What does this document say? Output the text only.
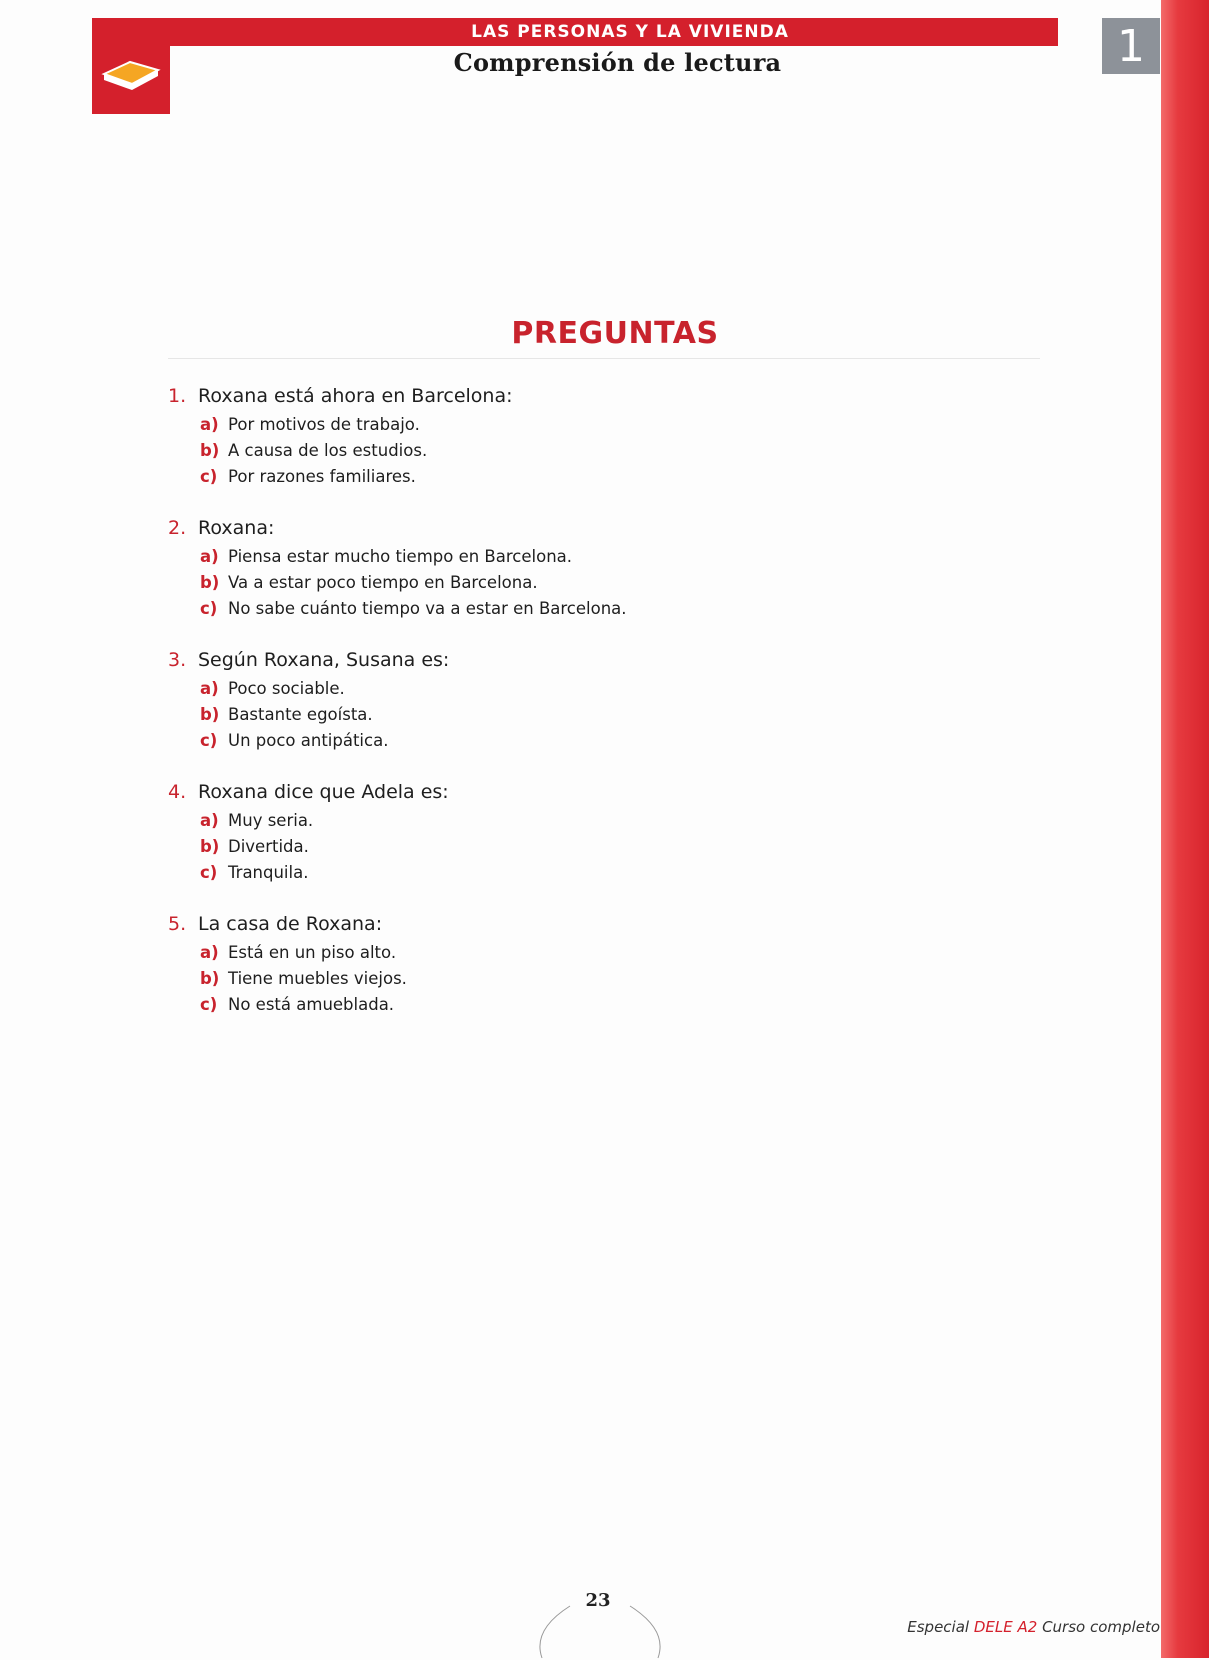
LAS PERSONAS Y LA VIVIENDA
Comprensión de lectura	1
PREGUNTAS
1. Roxana está ahora en Barcelona:
a) Por motivos de trabajo.
b) A causa de los estudios.
c) Por razones familiares.
2. Roxana:
a) Piensa estar mucho tiempo en Barcelona.
b) Va a estar poco tiempo en Barcelona.
c) No sabe cuánto tiempo va a estar en Barcelona.
3. Según Roxana, Susana es:
a) Poco sociable.
b) Bastante egoísta.
c) Un poco antipática.
4. Roxana dice que Adela es:
a) Muy seria.
b) Divertida.
c) Tranquila.
5. La casa de Roxana:
a) Está en un piso alto.
b) Tiene muebles viejos.
c) No está amueblada.
23
Especial DELE A2 Curso completo
